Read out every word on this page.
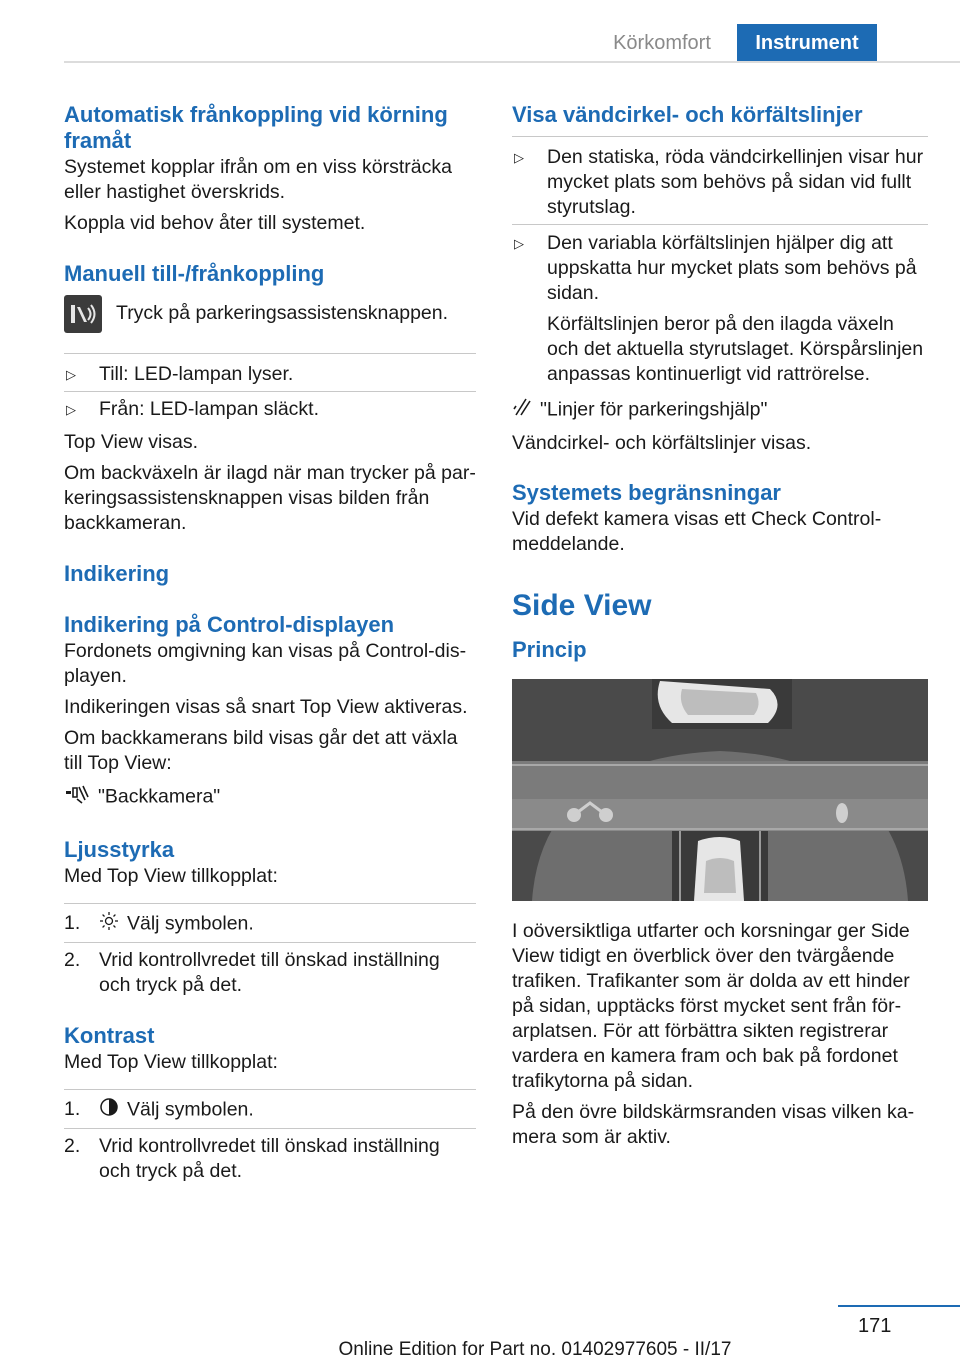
Körkomfort	Instrument
Automatisk frånkoppling vid körning framåt

Systemet kopplar ifrån om en viss körsträcka eller hastighet överskrids.

Koppla vid behov åter till systemet.

Manuell till-/frånkoppling
Tryck på parkeringsassistensknappen.
▷ Till: LED-lampan lyser.
▷ Från: LED-lampan släckt.

Top View visas.

Om backväxeln är ilagd när man trycker på parkeringsassistensknappen visas bilden från backkameran.

Indikering
Indikering på Control-displayen

Fordonets omgivning kan visas på Control-displayen.

Indikeringen visas så snart Top View aktiveras.

Om backkamerans bild visas går det att växla till Top View:

"Backkamera"
Ljusstyrka

Med Top View tillkopplat:

1. Välj symbolen.
2. Vrid kontrollvredet till önskad inställning och tryck på det.
Kontrast

Med Top View tillkopplat:

1. Välj symbolen.
2. Vrid kontrollvredet till önskad inställning och tryck på det.
Visa vändcirkel- och körfältslinjer
▷ Den statiska, röda vändcirkellinjen visar hur mycket plats som behövs på sidan vid fullt styrutslag.
▷ Den variabla körfältslinjen hjälper dig att uppskatta hur mycket plats som behövs på sidan.

Körfältslinjen beror på den ilagda växeln och det aktuella styrutslaget. Körspårslinjen anpassas kontinuerligt vid rattrörelse.

"Linjer för parkeringshjälp"

Vändcirkel- och körfältslinjer visas.

Systemets begränsningar

Vid defekt kamera visas ett Check Control-meddelande.

Side View
Princip

I oöversiktliga utfarter och korsningar ger Side View tidigt en överblick över den tvärgående trafiken. Trafikanter som är dolda av ett hinder på sidan, upptäcks först mycket sent från förarplatsen. För att förbättra sikten registrerar vardera en kamera fram och bak på fordonet trafikytorna på sidan.

På den övre bildskärmsranden visas vilken kamera som är aktiv.

171
Online Edition for Part no. 01402977605 - II/17
